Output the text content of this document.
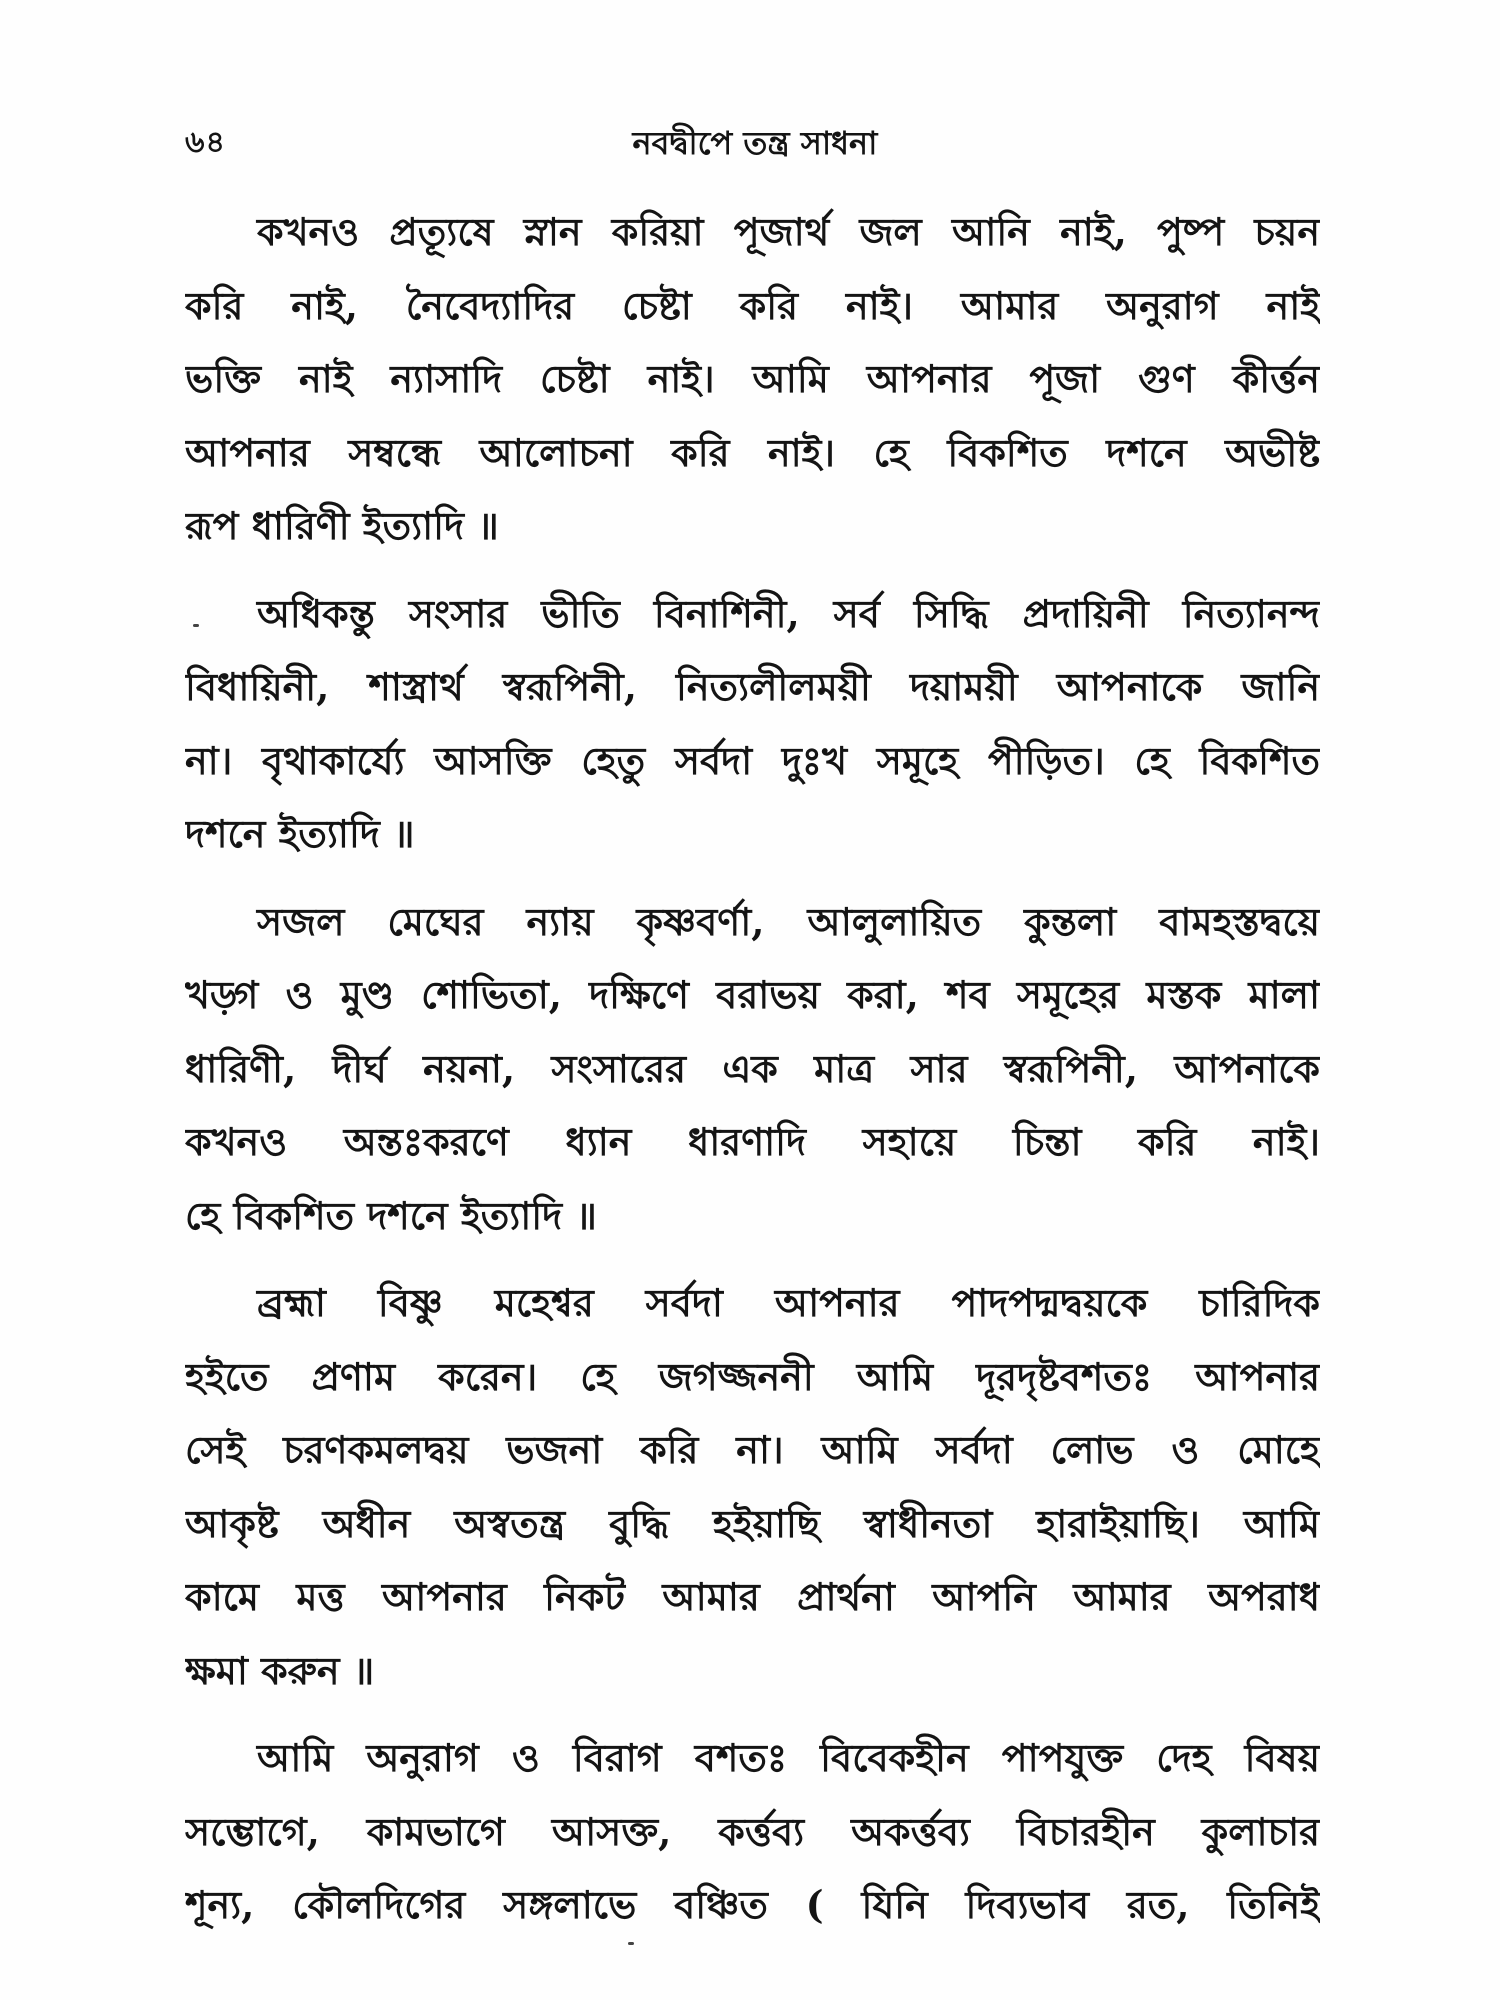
৬৪	নবদ্বীপে তন্ত্র সাধনা
কখনও প্রত্যূষে স্নান করিয়া পূজার্থ জল আনি নাই, পুষ্প চয়ন
করি নাই, নৈবেদ্যাদির চেষ্টা করি নাই। আমার অনুরাগ নাই
ভক্তি নাই ন্যাসাদি চেষ্টা নাই। আমি আপনার পূজা গুণ কীর্ত্তন
আপনার সম্বন্ধে আলোচনা করি নাই। হে বিকশিত দশনে অভীষ্ট
রূপ ধারিণী ইত্যাদি ॥
অধিকন্তু সংসার ভীতি বিনাশিনী, সর্ব সিদ্ধি প্রদায়িনী নিত্যানন্দ
বিধায়িনী, শাস্ত্রার্থ স্বরূপিনী, নিত্যলীলময়ী দয়াময়ী আপনাকে জানি
না। বৃথাকার্য্যে আসক্তি হেতু সর্বদা দুঃখ সমূহে পীড়িত। হে বিকশিত
দশনে ইত্যাদি ॥
সজল মেঘের ন্যায় কৃষ্ণবর্ণা, আলুলায়িত কুন্তলা বামহস্তদ্বয়ে
খড়্গ ও মুণ্ড শোভিতা, দক্ষিণে বরাভয় করা, শব সমূহের মস্তক মালা
ধারিণী, দীর্ঘ নয়না, সংসারের এক মাত্র সার স্বরূপিনী, আপনাকে
কখনও অন্তঃকরণে ধ্যান ধারণাদি সহায়ে চিন্তা করি নাই।
হে বিকশিত দশনে ইত্যাদি ॥
ব্রহ্মা বিষ্ণু মহেশ্বর সর্বদা আপনার পাদপদ্মদ্বয়কে চারিদিক
হইতে প্রণাম করেন। হে জগজ্জননী আমি দূরদৃষ্টবশতঃ আপনার
সেই চরণকমলদ্বয় ভজনা করি না। আমি সর্বদা লোভ ও মোহে
আকৃষ্ট অধীন অস্বতন্ত্র বুদ্ধি হইয়াছি স্বাধীনতা হারাইয়াছি। আমি
কামে মত্ত আপনার নিকট আমার প্রার্থনা আপনি আমার অপরাধ
ক্ষমা করুন ॥
আমি অনুরাগ ও বিরাগ বশতঃ বিবেকহীন পাপযুক্ত দেহ বিষয়
সম্ভোগে, কামভাগে আসক্ত, কর্ত্তব্য অকর্ত্তব্য বিচারহীন কুলাচার
শূন্য, কৌলদিগের সঙ্গলাভে বঞ্চিত ( যিনি দিব্যভাব রত, তিনিই
